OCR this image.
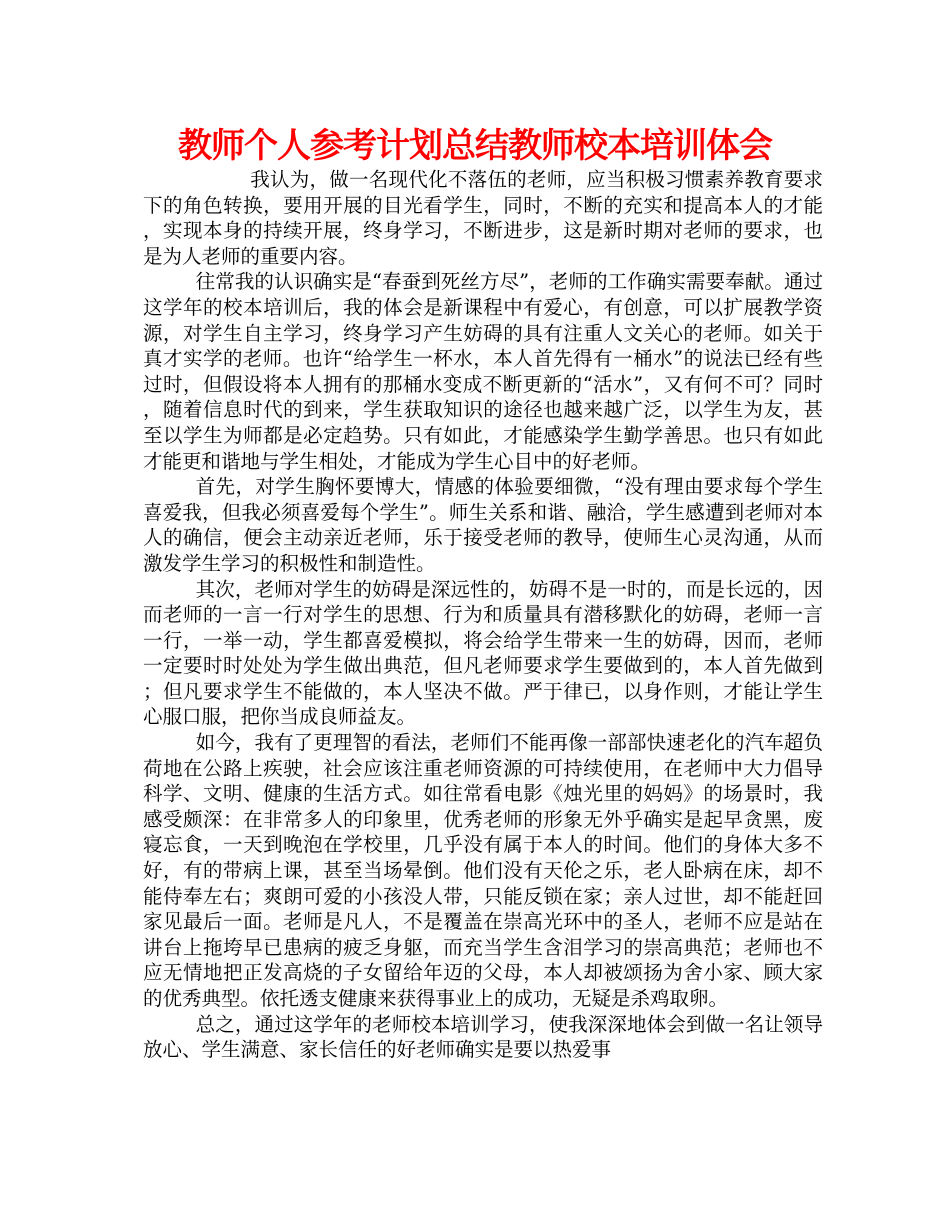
教师个人参考计划总结教师校本培训体会

我认为，做一名现代化不落伍的老师，应当积极习惯素养教育要求下的角色转换，要用开展的目光看学生，同时，不断的充实和提高本人的才能，实现本身的持续开展，终身学习，不断进步，这是新时期对老师的要求，也是为人老师的重要内容。

往常我的认识确实是“春蚕到死丝方尽”，老师的工作确实需要奉献。通过这学年的校本培训后，我的体会是新课程中有爱心，有创意，可以扩展教学资源，对学生自主学习，终身学习产生妨碍的具有注重人文关心的老师。如关于真才实学的老师。也许“给学生一杯水，本人首先得有一桶水”的说法已经有些过时，但假设将本人拥有的那桶水变成不断更新的“活水”，又有何不可？同时，随着信息时代的到来，学生获取知识的途径也越来越广泛，以学生为友，甚至以学生为师都是必定趋势。只有如此，才能感染学生勤学善思。也只有如此才能更和谐地与学生相处，才能成为学生心目中的好老师。

首先，对学生胸怀要博大，情感的体验要细微，“没有理由要求每个学生喜爱我，但我必须喜爱每个学生”。师生关系和谐、融洽，学生感遭到老师对本人的确信，便会主动亲近老师，乐于接受老师的教导，使师生心灵沟通，从而激发学生学习的积极性和制造性。

其次，老师对学生的妨碍是深远性的，妨碍不是一时的，而是长远的，因而老师的一言一行对学生的思想、行为和质量具有潜移默化的妨碍，老师一言一行，一举一动，学生都喜爱模拟，将会给学生带来一生的妨碍，因而，老师一定要时时处处为学生做出典范，但凡老师要求学生要做到的，本人首先做到；但凡要求学生不能做的，本人坚决不做。严于律已，以身作则，才能让学生心服口服，把你当成良师益友。

如今，我有了更理智的看法，老师们不能再像一部部快速老化的汽车超负荷地在公路上疾驶，社会应该注重老师资源的可持续使用，在老师中大力倡导科学、文明、健康的生活方式。如往常看电影《烛光里的妈妈》的场景时，我感受颇深：在非常多人的印象里，优秀老师的形象无外乎确实是起早贪黑，废寝忘食，一天到晚泡在学校里，几乎没有属于本人的时间。他们的身体大多不好，有的带病上课，甚至当场晕倒。他们没有天伦之乐，老人卧病在床，却不能侍奉左右；爽朗可爱的小孩没人带，只能反锁在家；亲人过世，却不能赶回家见最后一面。老师是凡人，不是覆盖在崇高光环中的圣人，老师不应是站在讲台上拖垮早已患病的疲乏身躯，而充当学生含泪学习的崇高典范；老师也不应无情地把正发高烧的子女留给年迈的父母，本人却被颂扬为舍小家、顾大家的优秀典型。依托透支健康来获得事业上的成功，无疑是杀鸡取卵。

总之，通过这学年的老师校本培训学习，使我深深地体会到做一名让领导放心、学生满意、家长信任的好老师确实是要以热爱事
